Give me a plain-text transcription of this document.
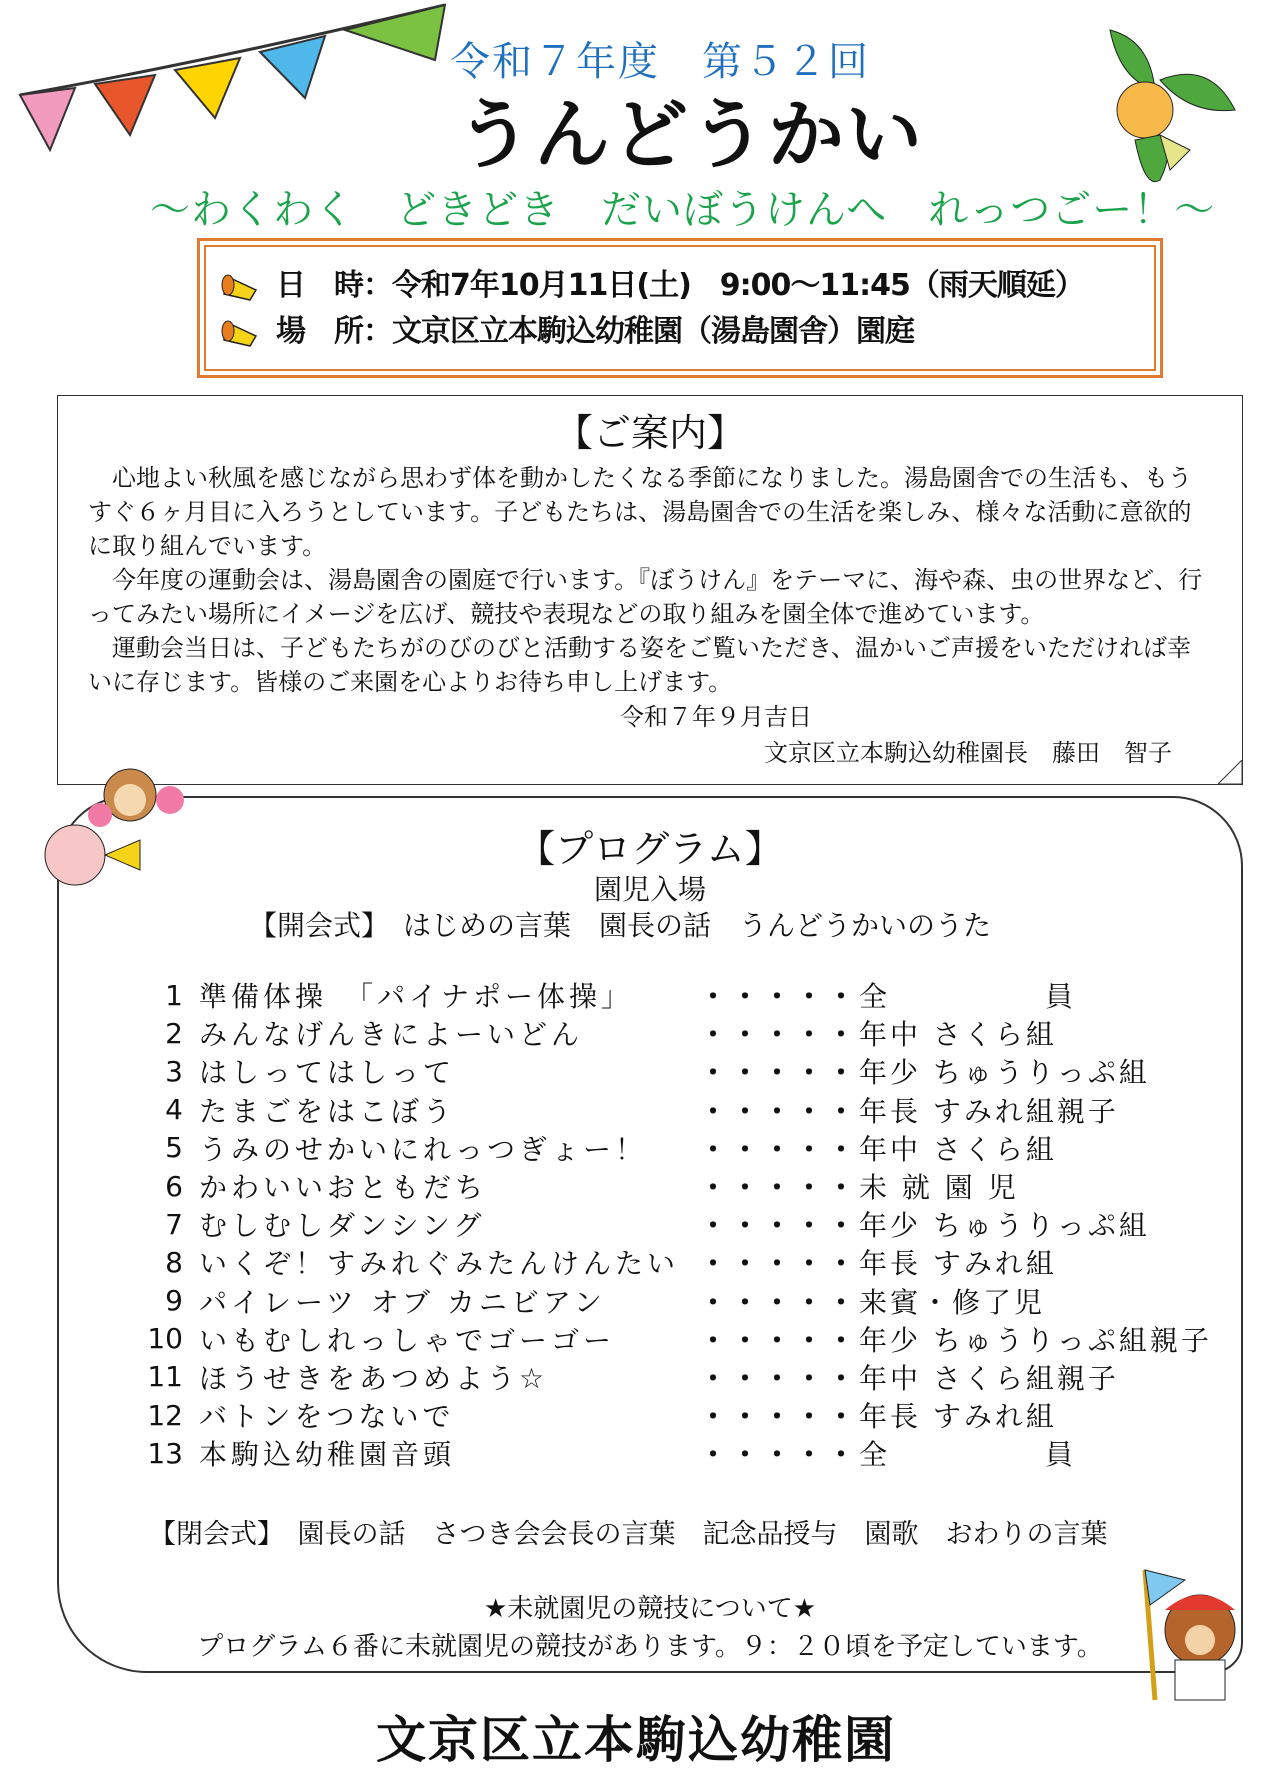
令和７年度　第５２回
うんどうかい
～わくわく　どきどき　だいぼうけんへ　れっつごー！～
日　時：令和7年10月11日(土)　9:00～11:45（雨天順延）
場　所：文京区立本駒込幼稚園（湯島園舎）園庭
【ご案内】

心地よい秋風を感じながら思わず体を動かしたくなる季節になりました。湯島園舎での生活も、もうすぐ６ヶ月目に入ろうとしています。子どもたちは、湯島園舎での生活を楽しみ、様々な活動に意欲的に取り組んでいます。

今年度の運動会は、湯島園舎の園庭で行います。『ぼうけん』をテーマに、海や森、虫の世界など、行ってみたい場所にイメージを広げ、競技や表現などの取り組みを園全体で進めています。

運動会当日は、子どもたちがのびのびと活動する姿をご覧いただき、温かいご声援をいただければ幸いに存じます。皆様のご来園を心よりお待ち申し上げます。

令和７年９月吉日
文京区立本駒込幼稚園長　藤田　智子
【プログラム】
園児入場
【開会式】　はじめの言葉　園長の話　うんどうかいのうた
1 準備体操　「パイナポー体操」	・・・・・ 全　　　　　員
2 みんなげんきによーいどん	・・・・・ 年中 さくら組
3 はしってはしって	・・・・・ 年少 ちゅうりっぷ組
4 たまごをはこぼう	・・・・・ 年長 すみれ組親子
5 うみのせかいにれっつぎょー！	・・・・・ 年中 さくら組
6 かわいいおともだち	・・・・・ 未 就 園 児
7 むしむしダンシング	・・・・・ 年少 ちゅうりっぷ組
8 いくぞ！すみれぐみたんけんたい ・・・・・ 年長 すみれ組
9 パイレーツ オブ カニビアン	・・・・・ 来賓・修了児
10 いもむしれっしゃでゴーゴー	・・・・・ 年少 ちゅうりっぷ組親子
11 ほうせきをあつめよう☆	・・・・・ 年中 さくら組親子
12 バトンをつないで	・・・・・ 年長 すみれ組
13 本駒込幼稚園音頭	・・・・・ 全　　　　　員
【閉会式】　園長の話　さつき会会長の言葉　記念品授与　園歌　おわりの言葉
★未就園児の競技について★
プログラム６番に未就園児の競技があります。９：２０頃を予定しています。
文京区立本駒込幼稚園
